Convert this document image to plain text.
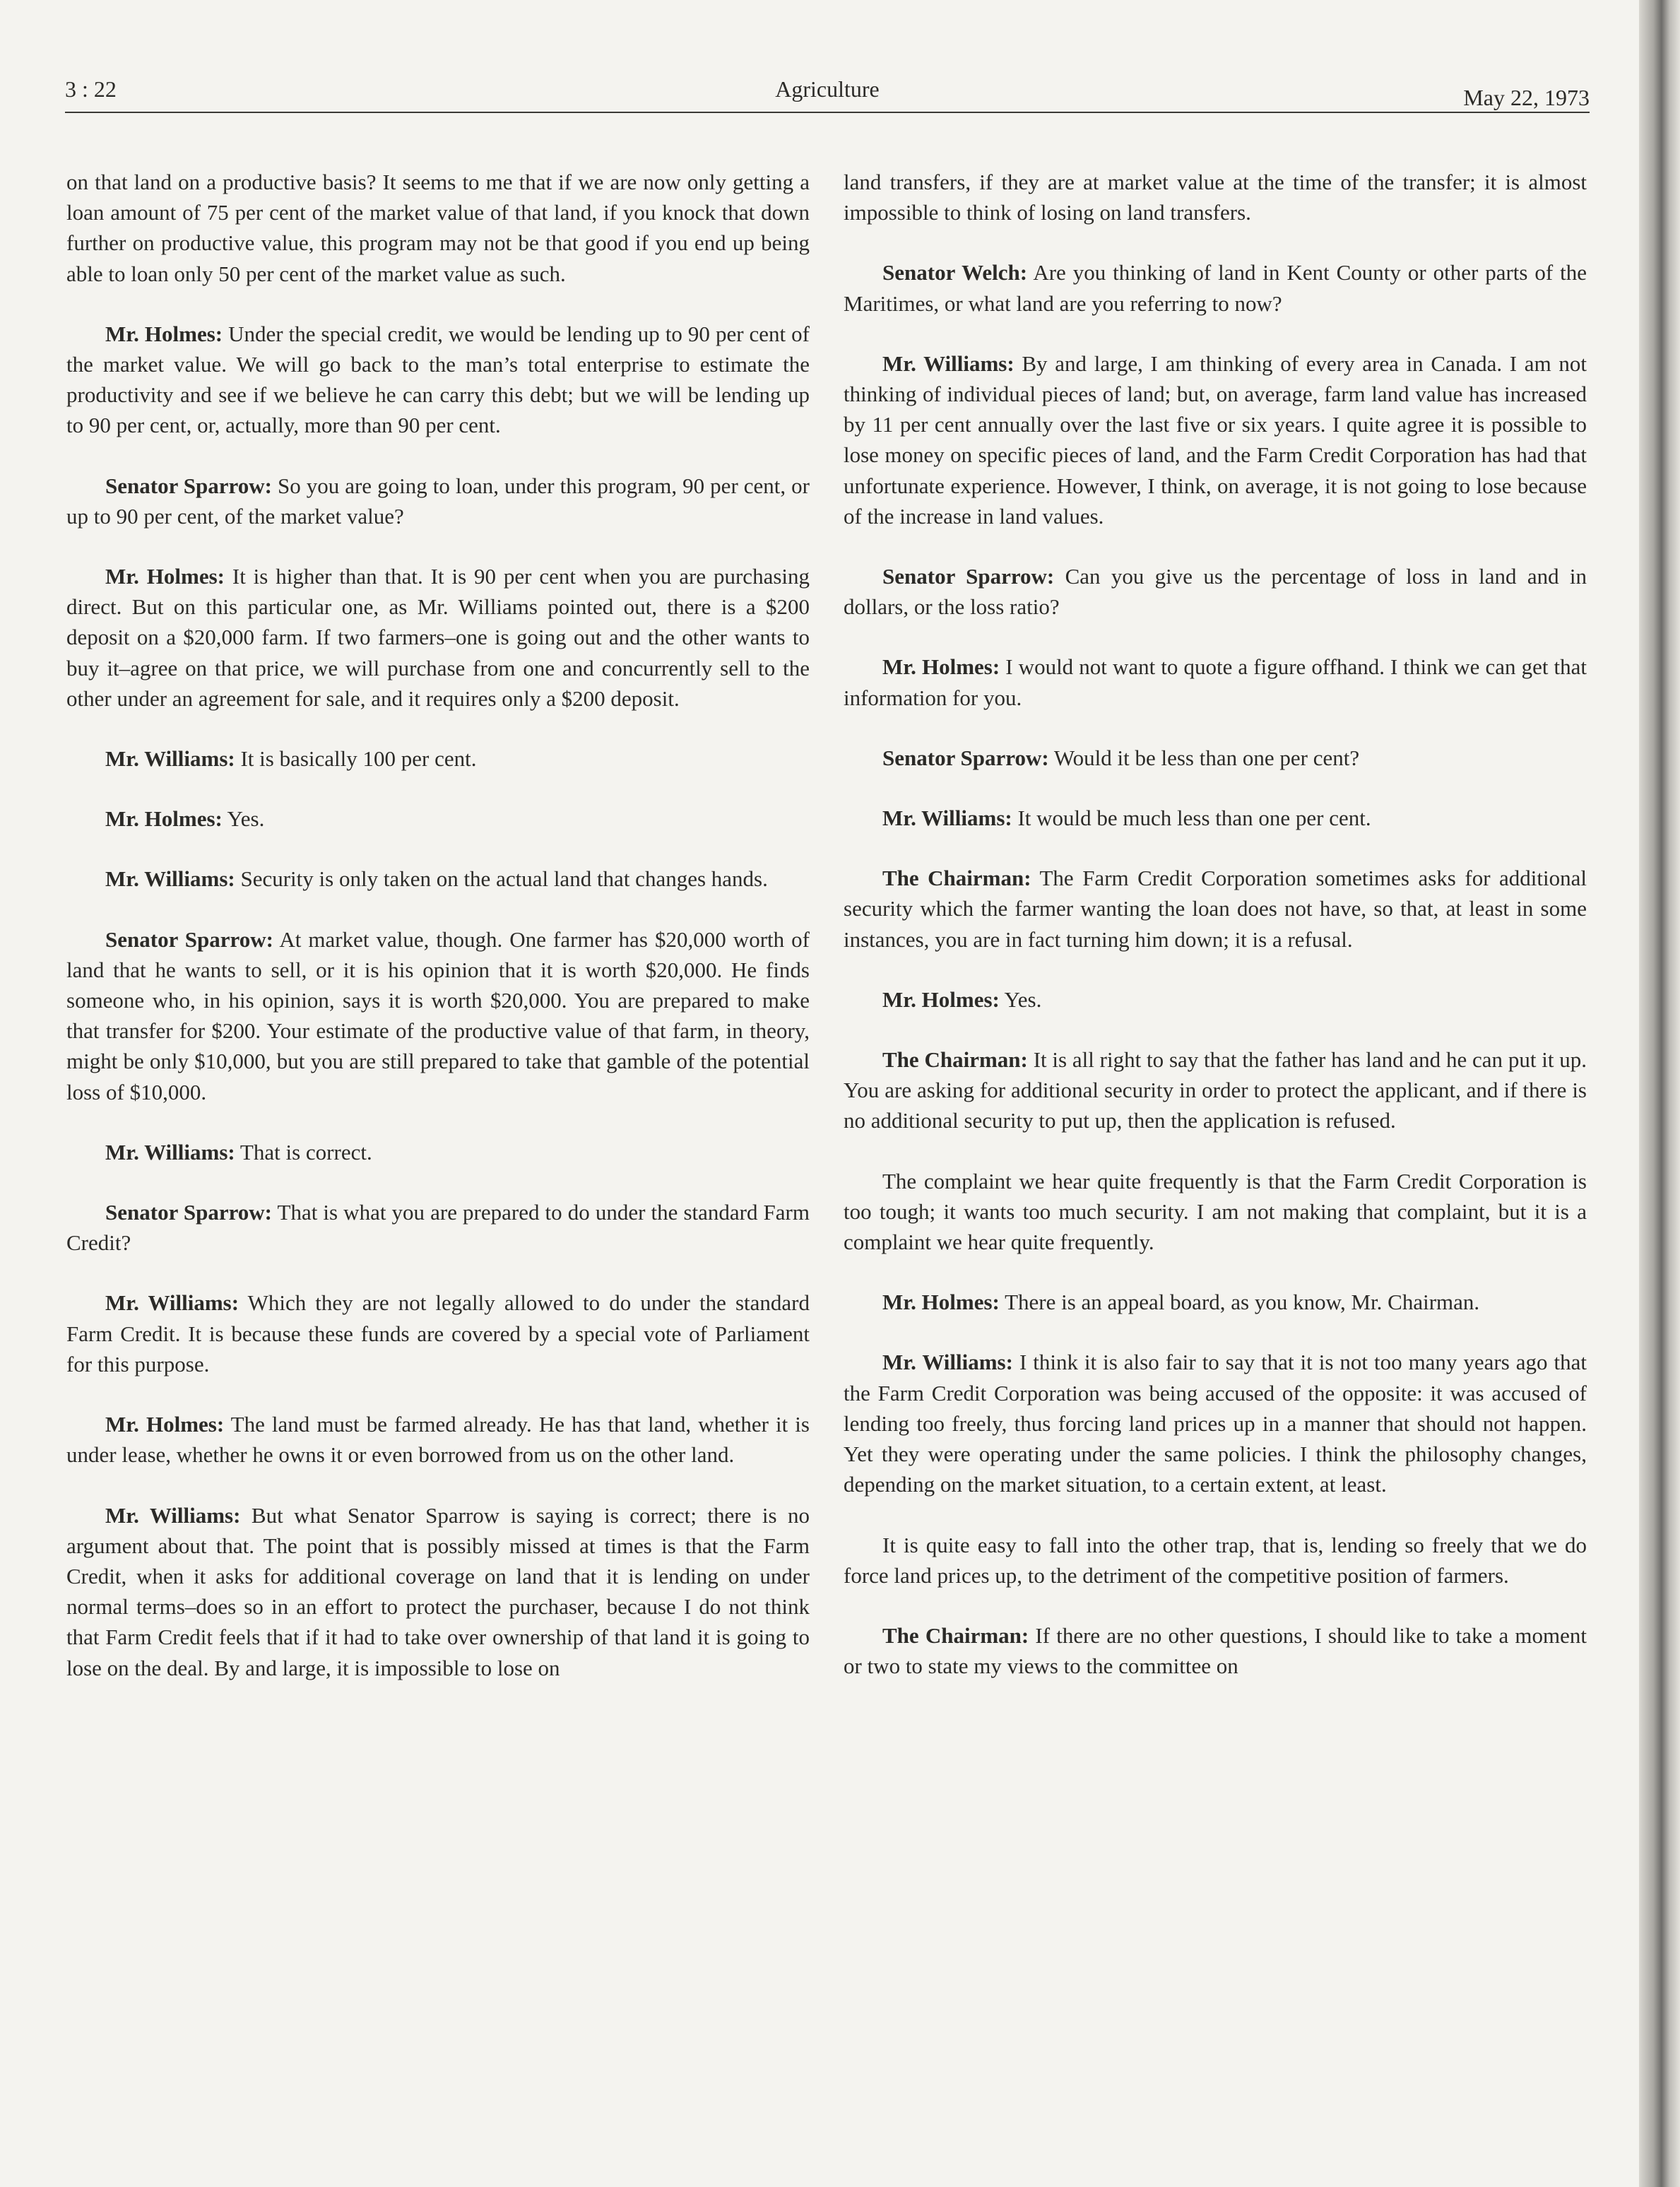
3 : 22	Agriculture	May 22, 1973

on that land on a productive basis? It seems to me that if we are now only getting a loan amount of 75 per cent of the market value of that land, if you knock that down further on productive value, this program may not be that good if you end up being able to loan only 50 per cent of the market value as such.

Mr. Holmes: Under the special credit, we would be lending up to 90 per cent of the market value. We will go back to the man’s total enterprise to estimate the productivity and see if we believe he can carry this debt; but we will be lending up to 90 per cent, or, actually, more than 90 per cent.

Senator Sparrow: So you are going to loan, under this program, 90 per cent, or up to 90 per cent, of the market value?

Mr. Holmes: It is higher than that. It is 90 per cent when you are purchasing direct. But on this particular one, as Mr. Williams pointed out, there is a $200 deposit on a $20,000 farm. If two farmers–one is going out and the other wants to buy it–agree on that price, we will purchase from one and concurrently sell to the other under an agreement for sale, and it requires only a $200 deposit.

Mr. Williams: It is basically 100 per cent.

Mr. Holmes: Yes.

Mr. Williams: Security is only taken on the actual land that changes hands.

Senator Sparrow: At market value, though. One farmer has $20,000 worth of land that he wants to sell, or it is his opinion that it is worth $20,000. He finds someone who, in his opinion, says it is worth $20,000. You are prepared to make that transfer for $200. Your estimate of the productive value of that farm, in theory, might be only $10,000, but you are still prepared to take that gamble of the potential loss of $10,000.

Mr. Williams: That is correct.

Senator Sparrow: That is what you are prepared to do under the standard Farm Credit?

Mr. Williams: Which they are not legally allowed to do under the standard Farm Credit. It is because these funds are covered by a special vote of Parliament for this purpose.

Mr. Holmes: The land must be farmed already. He has that land, whether it is under lease, whether he owns it or even borrowed from us on the other land.

Mr. Williams: But what Senator Sparrow is saying is correct; there is no argument about that. The point that is possibly missed at times is that the Farm Credit, when it asks for additional coverage on land that it is lending on under normal terms–does so in an effort to protect the purchaser, because I do not think that Farm Credit feels that if it had to take over ownership of that land it is going to lose on the deal. By and large, it is impossible to lose on

land transfers, if they are at market value at the time of the transfer; it is almost impossible to think of losing on land transfers.

Senator Welch: Are you thinking of land in Kent County or other parts of the Maritimes, or what land are you referring to now?

Mr. Williams: By and large, I am thinking of every area in Canada. I am not thinking of individual pieces of land; but, on average, farm land value has increased by 11 per cent annually over the last five or six years. I quite agree it is possible to lose money on specific pieces of land, and the Farm Credit Corporation has had that unfortunate experience. However, I think, on average, it is not going to lose because of the increase in land values.

Senator Sparrow: Can you give us the percentage of loss in land and in dollars, or the loss ratio?

Mr. Holmes: I would not want to quote a figure offhand. I think we can get that information for you.

Senator Sparrow: Would it be less than one per cent?

Mr. Williams: It would be much less than one per cent.

The Chairman: The Farm Credit Corporation sometimes asks for additional security which the farmer wanting the loan does not have, so that, at least in some instances, you are in fact turning him down; it is a refusal.

Mr. Holmes: Yes.

The Chairman: It is all right to say that the father has land and he can put it up. You are asking for additional security in order to protect the applicant, and if there is no additional security to put up, then the application is refused.

The complaint we hear quite frequently is that the Farm Credit Corporation is too tough; it wants too much security. I am not making that complaint, but it is a complaint we hear quite frequently.

Mr. Holmes: There is an appeal board, as you know, Mr. Chairman.

Mr. Williams: I think it is also fair to say that it is not too many years ago that the Farm Credit Corporation was being accused of the opposite: it was accused of lending too freely, thus forcing land prices up in a manner that should not happen. Yet they were operating under the same policies. I think the philosophy changes, depending on the market situation, to a certain extent, at least.

It is quite easy to fall into the other trap, that is, lending so freely that we do force land prices up, to the detriment of the competitive position of farmers.

The Chairman: If there are no other questions, I should like to take a moment or two to state my views to the committee on
